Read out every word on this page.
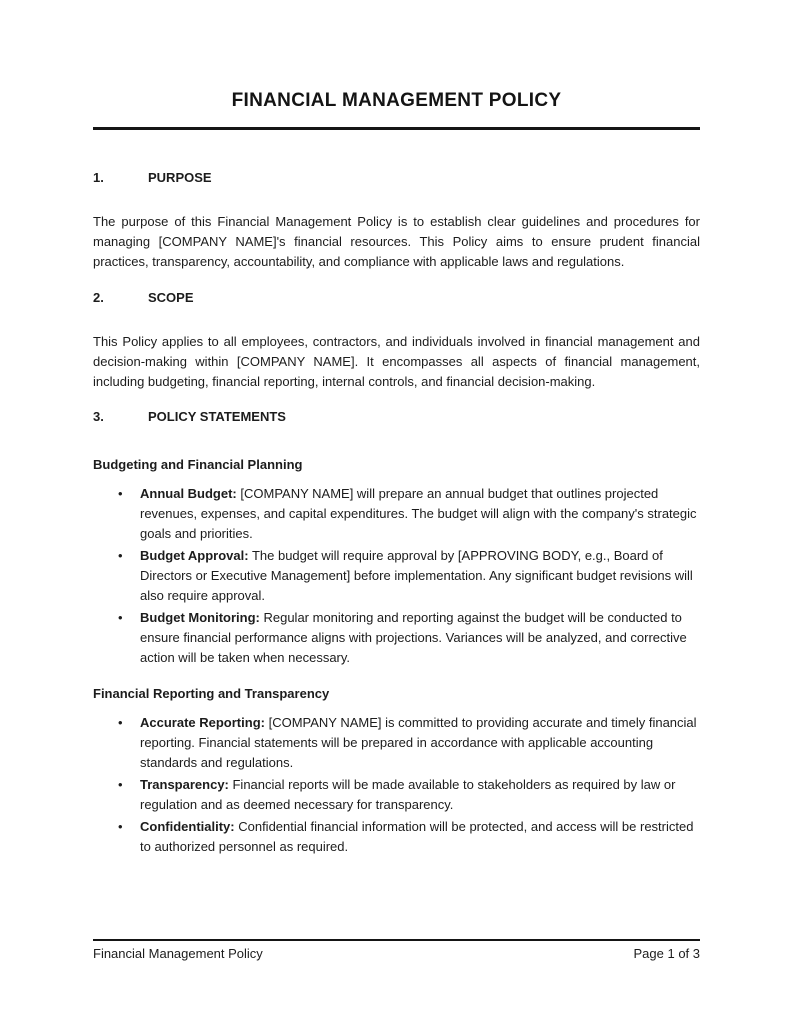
FINANCIAL MANAGEMENT POLICY
1.	PURPOSE

The purpose of this Financial Management Policy is to establish clear guidelines and procedures for managing [COMPANY NAME]'s financial resources. This Policy aims to ensure prudent financial practices, transparency, accountability, and compliance with applicable laws and regulations.

2.	SCOPE

This Policy applies to all employees, contractors, and individuals involved in financial management and decision-making within [COMPANY NAME]. It encompasses all aspects of financial management, including budgeting, financial reporting, internal controls, and financial decision-making.

3.	POLICY STATEMENTS
Budgeting and Financial Planning
• Annual Budget: [COMPANY NAME] will prepare an annual budget that outlines projected revenues, expenses, and capital expenditures. The budget will align with the company's strategic goals and priorities.
• Budget Approval: The budget will require approval by [APPROVING BODY, e.g., Board of Directors or Executive Management] before implementation. Any significant budget revisions will also require approval.
• Budget Monitoring: Regular monitoring and reporting against the budget will be conducted to ensure financial performance aligns with projections. Variances will be analyzed, and corrective action will be taken when necessary.
Financial Reporting and Transparency
• Accurate Reporting: [COMPANY NAME] is committed to providing accurate and timely financial reporting. Financial statements will be prepared in accordance with applicable accounting standards and regulations.
• Transparency: Financial reports will be made available to stakeholders as required by law or regulation and as deemed necessary for transparency.
• Confidentiality: Confidential financial information will be protected, and access will be restricted to authorized personnel as required.
Financial Management Policy	Page 1 of 3
